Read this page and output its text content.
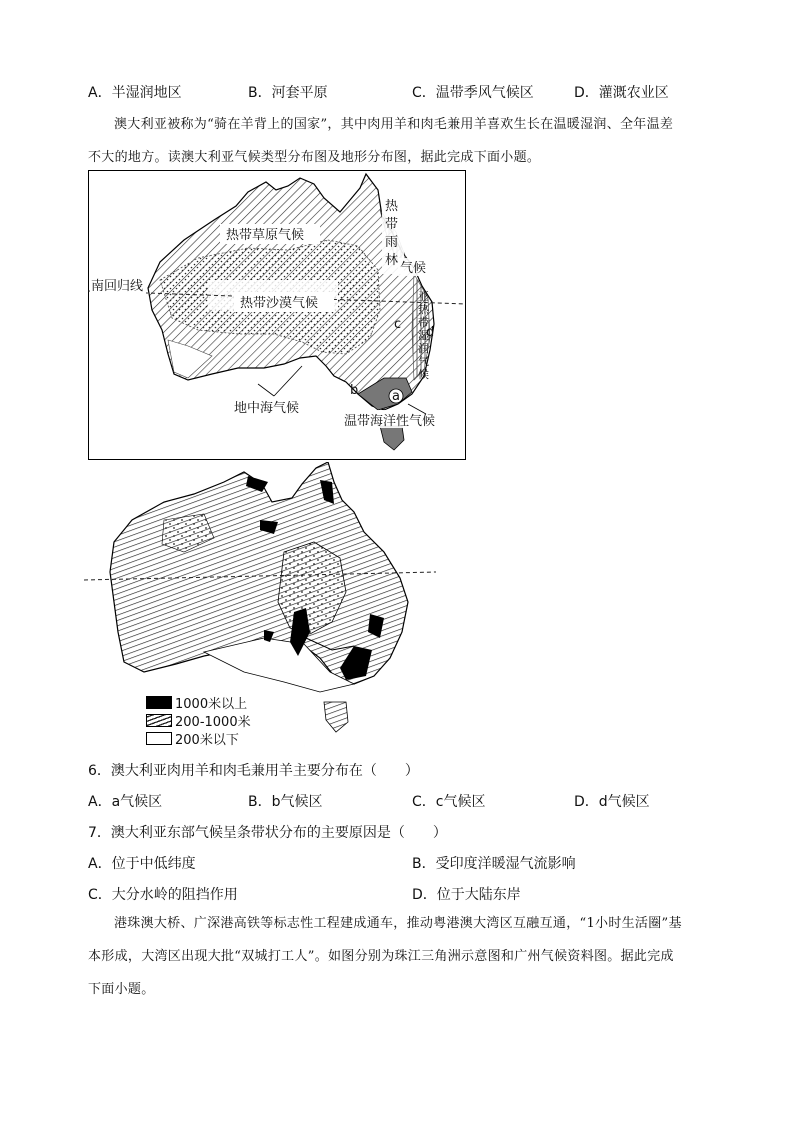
A．半湿润地区	B．河套平原	C．温带季风气候区	D．灌溉农业区
澳大利亚被称为“骑在羊背上的国家”，其中肉用羊和肉毛兼用羊喜欢生长在温暖湿润、全年温差
不大的地方。读澳大利亚气候类型分布图及地形分布图，据此完成下面小题。
热带草原气候
热带沙漠气候
南回归线
地中海气候
温带海洋性气候
热
带
雨
林
气候
亚
热
带
湿
润
气
候
a
b
c
d
1000米以上
200-1000米
200米以下
6．澳大利亚肉用羊和肉毛兼用羊主要分布在（　　）
A．a气候区	B．b气候区	C．c气候区	D．d气候区
7．澳大利亚东部气候呈条带状分布的主要原因是（　　）
A．位于中低纬度	B．受印度洋暖湿气流影响
C．大分水岭的阻挡作用	D．位于大陆东岸
港珠澳大桥、广深港高铁等标志性工程建成通车，推动粤港澳大湾区互融互通，“1小时生活圈”基
本形成，大湾区出现大批“双城打工人”。如图分别为珠江三角洲示意图和广州气候资料图。据此完成
下面小题。
